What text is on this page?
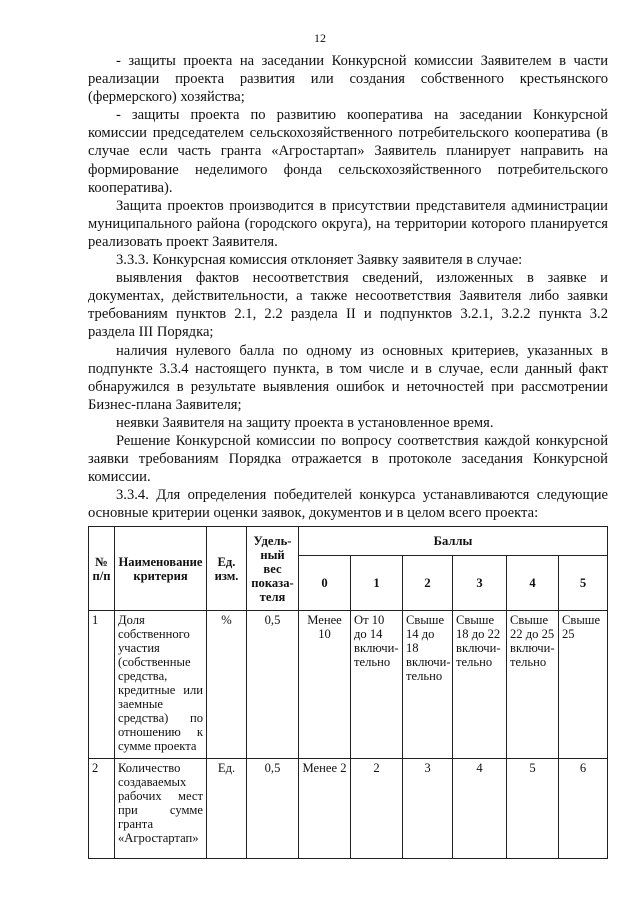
12

- защиты проекта на заседании Конкурсной комиссии Заявителем в части реализации проекта развития или создания собственного крестьянского (фермерского) хозяйства;

- защиты проекта по развитию кооператива на заседании Конкурсной комиссии председателем сельскохозяйственного потребительского кооператива (в случае если часть гранта «Агростартап» Заявитель планирует направить на формирование неделимого фонда сельскохозяйственного потребительского кооператива).

Защита проектов производится в присутствии представителя администрации муниципального района (городского округа), на территории которого планируется реализовать проект Заявителя.

3.3.3. Конкурсная комиссия отклоняет Заявку заявителя в случае:

выявления фактов несоответствия сведений, изложенных в заявке и документах, действительности, а также несоответствия Заявителя либо заявки требованиям пунктов 2.1, 2.2 раздела II и подпунктов 3.2.1, 3.2.2 пункта 3.2 раздела III Порядка;

наличия нулевого балла по одному из основных критериев, указанных в подпункте 3.3.4 настоящего пункта, в том числе и в случае, если данный факт обнаружился в результате выявления ошибок и неточностей при рассмотрении Бизнес-плана Заявителя;

неявки Заявителя на защиту проекта в установленное время.

Решение Конкурсной комиссии по вопросу соответствия каждой конкурсной заявки требованиям Порядка отражается в протоколе заседания Конкурсной комиссии.

3.3.4. Для определения победителей конкурса устанавливаются следующие основные критерии оценки заявок, документов и в целом всего проекта:

№ п/п	Наименование критерия	Ед. изм.	Удель-ный вес показа-теля	Баллы					
				0	1	2	3	4	5
1	Доля собственного участия (собственные средства, кредитные или заемные средства) по отношению к сумме проекта	%	0,5	Менее 10	От 10 до 14 включи-тельно	Свыше 14 до 18 включи-тельно	Свыше 18 до 22 включи-тельно	Свыше 22 до 25 включи-тельно	Свыше 25
2	Количество создаваемых рабочих мест при сумме гранта «Агростартап»	Ед.	0,5	Менее 2	2	3	4	5	6
